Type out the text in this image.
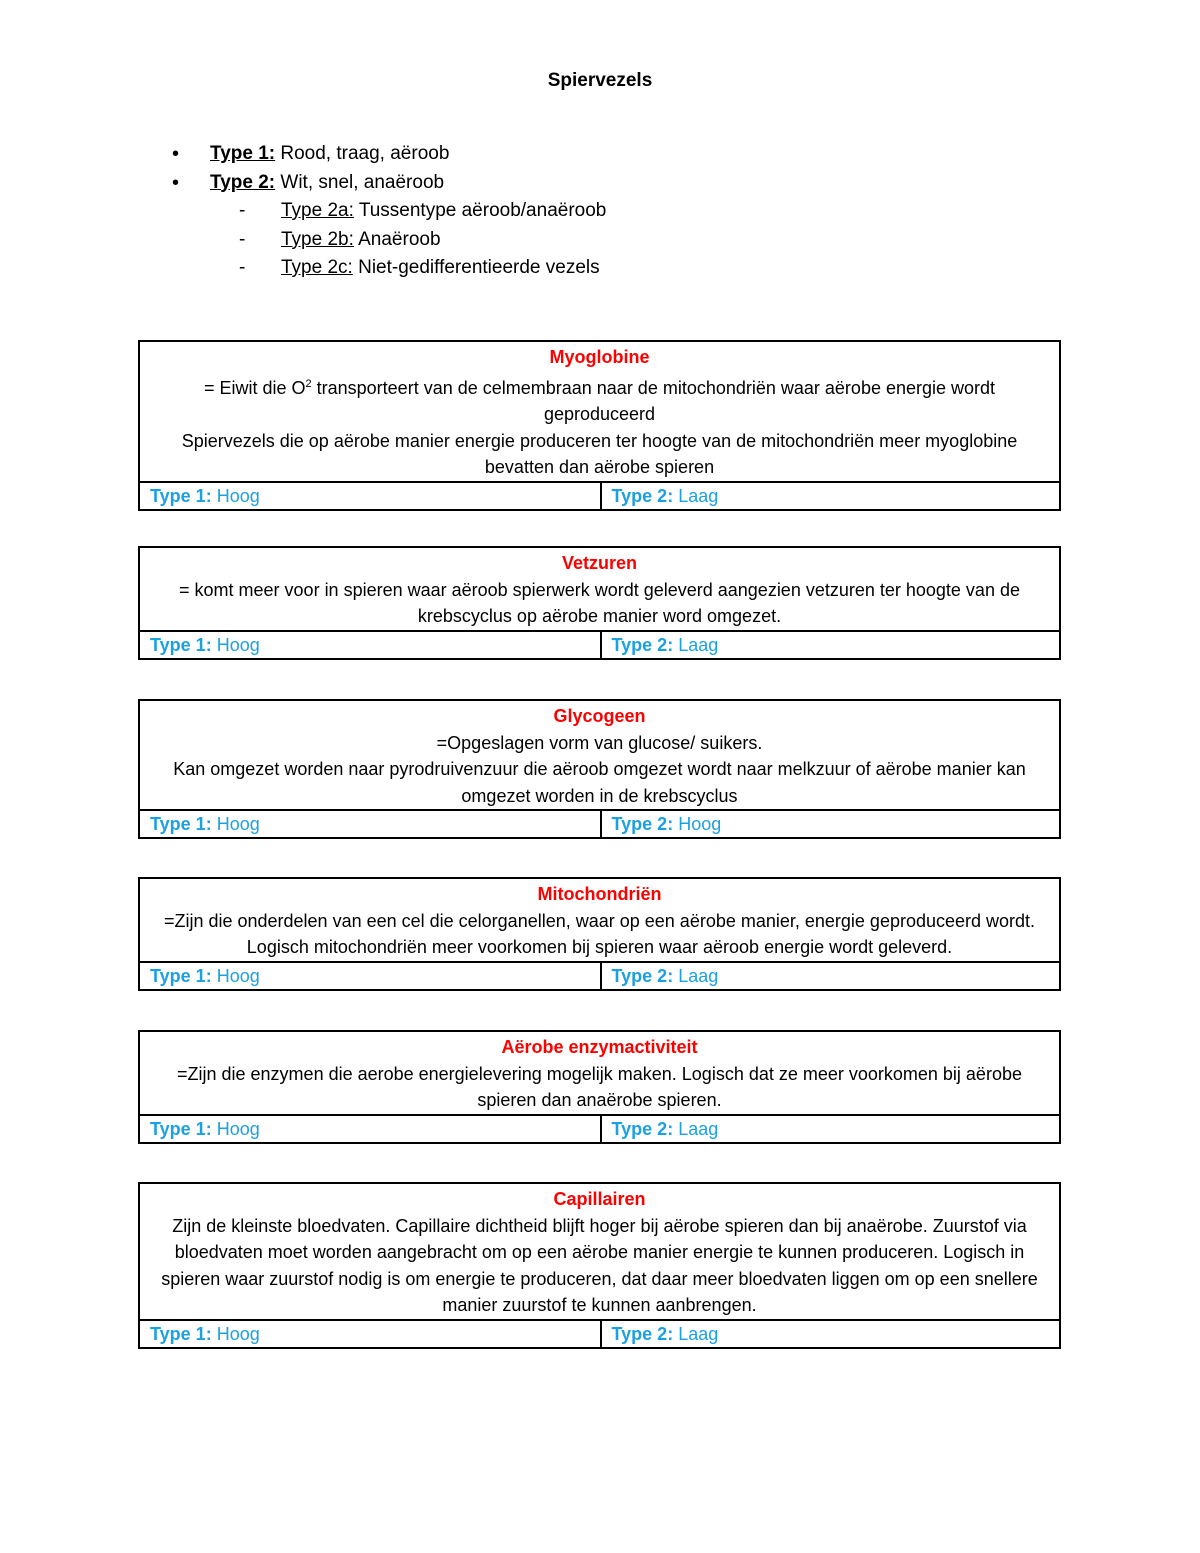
Spiervezels
• Type 1: Rood, traag, aëroob
• Type 2: Wit, snel, anaëroob
- Type 2a: Tussentype aëroob/anaëroob
- Type 2b: Anaëroob
- Type 2c: Niet-gedifferentieerde vezels
Myoglobine
= Eiwit die $O^2$ transporteert van de celmembraan naar de mitochondriën waar aërobe energie wordt geproduceerd
Spiervezels die op aërobe manier energie produceren ter hoogte van de mitochondriën meer myoglobine bevatten dan aërobe spieren
Type 1: Hoog	Type 2: Laag
Vetzuren
= komt meer voor in spieren waar aëroob spierwerk wordt geleverd aangezien vetzuren ter hoogte van de krebscyclus op aërobe manier word omgezet.
Type 1: Hoog	Type 2: Laag
Glycogeen
=Opgeslagen vorm van glucose/ suikers.
Kan omgezet worden naar pyrodruivenzuur die aëroob omgezet wordt naar melkzuur of aërobe manier kan omgezet worden in de krebscyclus
Type 1: Hoog	Type 2: Hoog
Mitochondriën
=Zijn die onderdelen van een cel die celorganellen, waar op een aërobe manier, energie geproduceerd wordt. Logisch mitochondriën meer voorkomen bij spieren waar aëroob energie wordt geleverd.
Type 1: Hoog	Type 2: Laag
Aërobe enzymactiviteit
=Zijn die enzymen die aerobe energielevering mogelijk maken. Logisch dat ze meer voorkomen bij aërobe spieren dan anaërobe spieren.
Type 1: Hoog	Type 2: Laag
Capillairen
Zijn de kleinste bloedvaten. Capillaire dichtheid blijft hoger bij aërobe spieren dan bij anaërobe. Zuurstof via bloedvaten moet worden aangebracht om op een aërobe manier energie te kunnen produceren. Logisch in spieren waar zuurstof nodig is om energie te produceren, dat daar meer bloedvaten liggen om op een snellere manier zuurstof te kunnen aanbrengen.
Type 1: Hoog	Type 2: Laag
